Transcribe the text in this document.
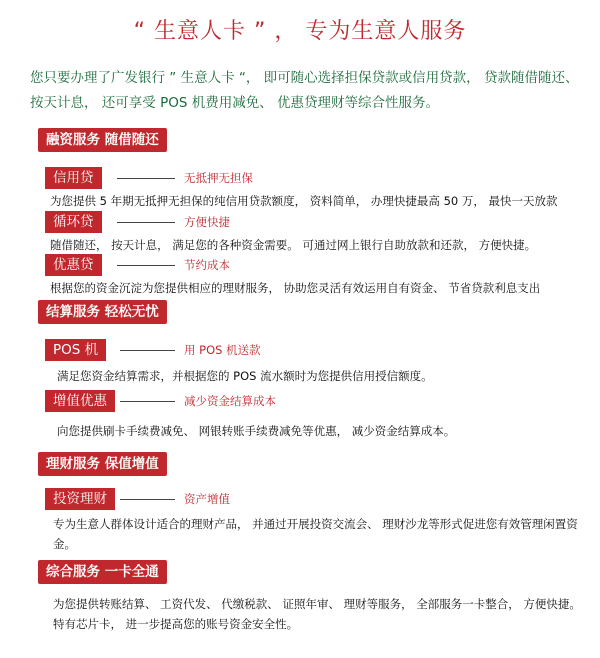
“ 生意人卡 ” ， 专为生意人服务
您只要办理了广发银行 ” 生意人卡 “， 即可随心选择担保贷款或信用贷款， 贷款随借随还、 按天计息， 还可享受 POS 机费用减免、 优惠贷理财等综合性服务。
融资服务 随借随还
信用贷	无抵押无担保
为您提供 5 年期无抵押无担保的纯信用贷款额度， 资料简单， 办理快捷最高 50 万， 最快一天放款
循环贷	方便快捷
随借随还， 按天计息， 满足您的各种资金需要。 可通过网上银行自助放款和还款， 方便快捷。
优惠贷	节约成本
根据您的资金沉淀为您提供相应的理财服务， 协助您灵活有效运用自有资金、 节省贷款利息支出
结算服务 轻松无忧
POS 机	用 POS 机送款
满足您资金结算需求，并根据您的 POS 流水额时为您提供信用授信额度。
增值优惠	减少资金结算成本
向您提供刷卡手续费减免、 网银转账手续费减免等优惠， 减少资金结算成本。
理财服务 保值增值
投资理财	资产增值
专为生意人群体设计适合的理财产品， 并通过开展投资交流会、 理财沙龙等形式促进您有效管理闲置资金。
综合服务 一卡全通
为您提供转账结算、 工资代发、 代缴税款、 证照年审、 理财等服务， 全部服务一卡整合， 方便快捷。 特有芯片卡， 进一步提高您的账号资金安全性。
